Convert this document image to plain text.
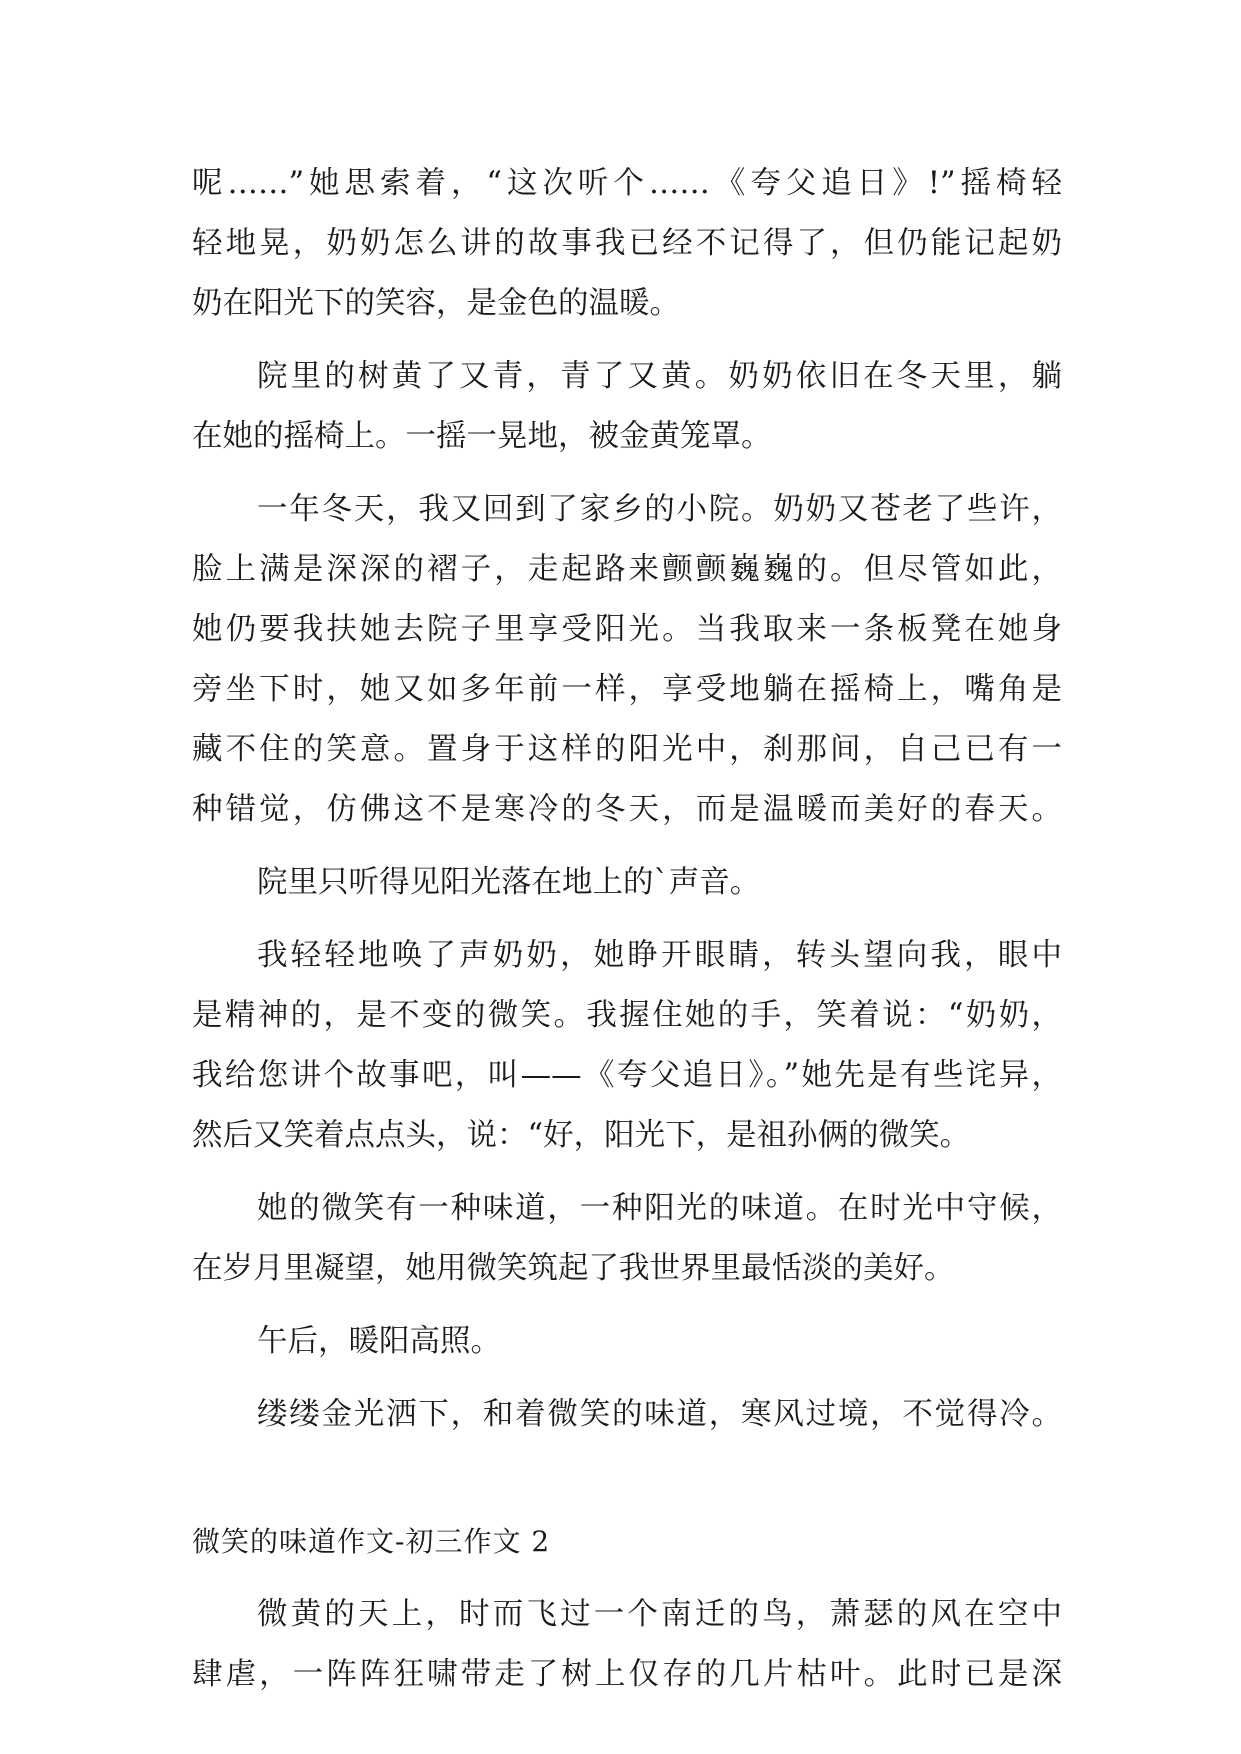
呢……”她思索着，“这次听个……《夸父追日》!”摇椅轻
轻地晃，奶奶怎么讲的故事我已经不记得了，但仍能记起奶
奶在阳光下的笑容，是金色的温暖。
院里的树黄了又青，青了又黄。奶奶依旧在冬天里，躺
在她的摇椅上。一摇一晃地，被金黄笼罩。
一年冬天，我又回到了家乡的小院。奶奶又苍老了些许，
脸上满是深深的褶子，走起路来颤颤巍巍的。但尽管如此，
她仍要我扶她去院子里享受阳光。当我取来一条板凳在她身
旁坐下时，她又如多年前一样，享受地躺在摇椅上，嘴角是
藏不住的笑意。置身于这样的阳光中，刹那间，自己已有一
种错觉，仿佛这不是寒冷的冬天，而是温暖而美好的春天。
院里只听得见阳光落在地上的`声音。
我轻轻地唤了声奶奶，她睁开眼睛，转头望向我，眼中
是精神的，是不变的微笑。我握住她的手，笑着说：“奶奶，
我给您讲个故事吧，叫——《夸父追日》。”她先是有些诧异，
然后又笑着点点头，说：“好，阳光下，是祖孙俩的微笑。
她的微笑有一种味道，一种阳光的味道。在时光中守候，
在岁月里凝望，她用微笑筑起了我世界里最恬淡的美好。
午后，暖阳高照。
缕缕金光洒下，和着微笑的味道，寒风过境，不觉得冷。
微笑的味道作文-初三作文 2
微黄的天上，时而飞过一个南迁的鸟，萧瑟的风在空中
肆虐，一阵阵狂啸带走了树上仅存的几片枯叶。此时已是深
